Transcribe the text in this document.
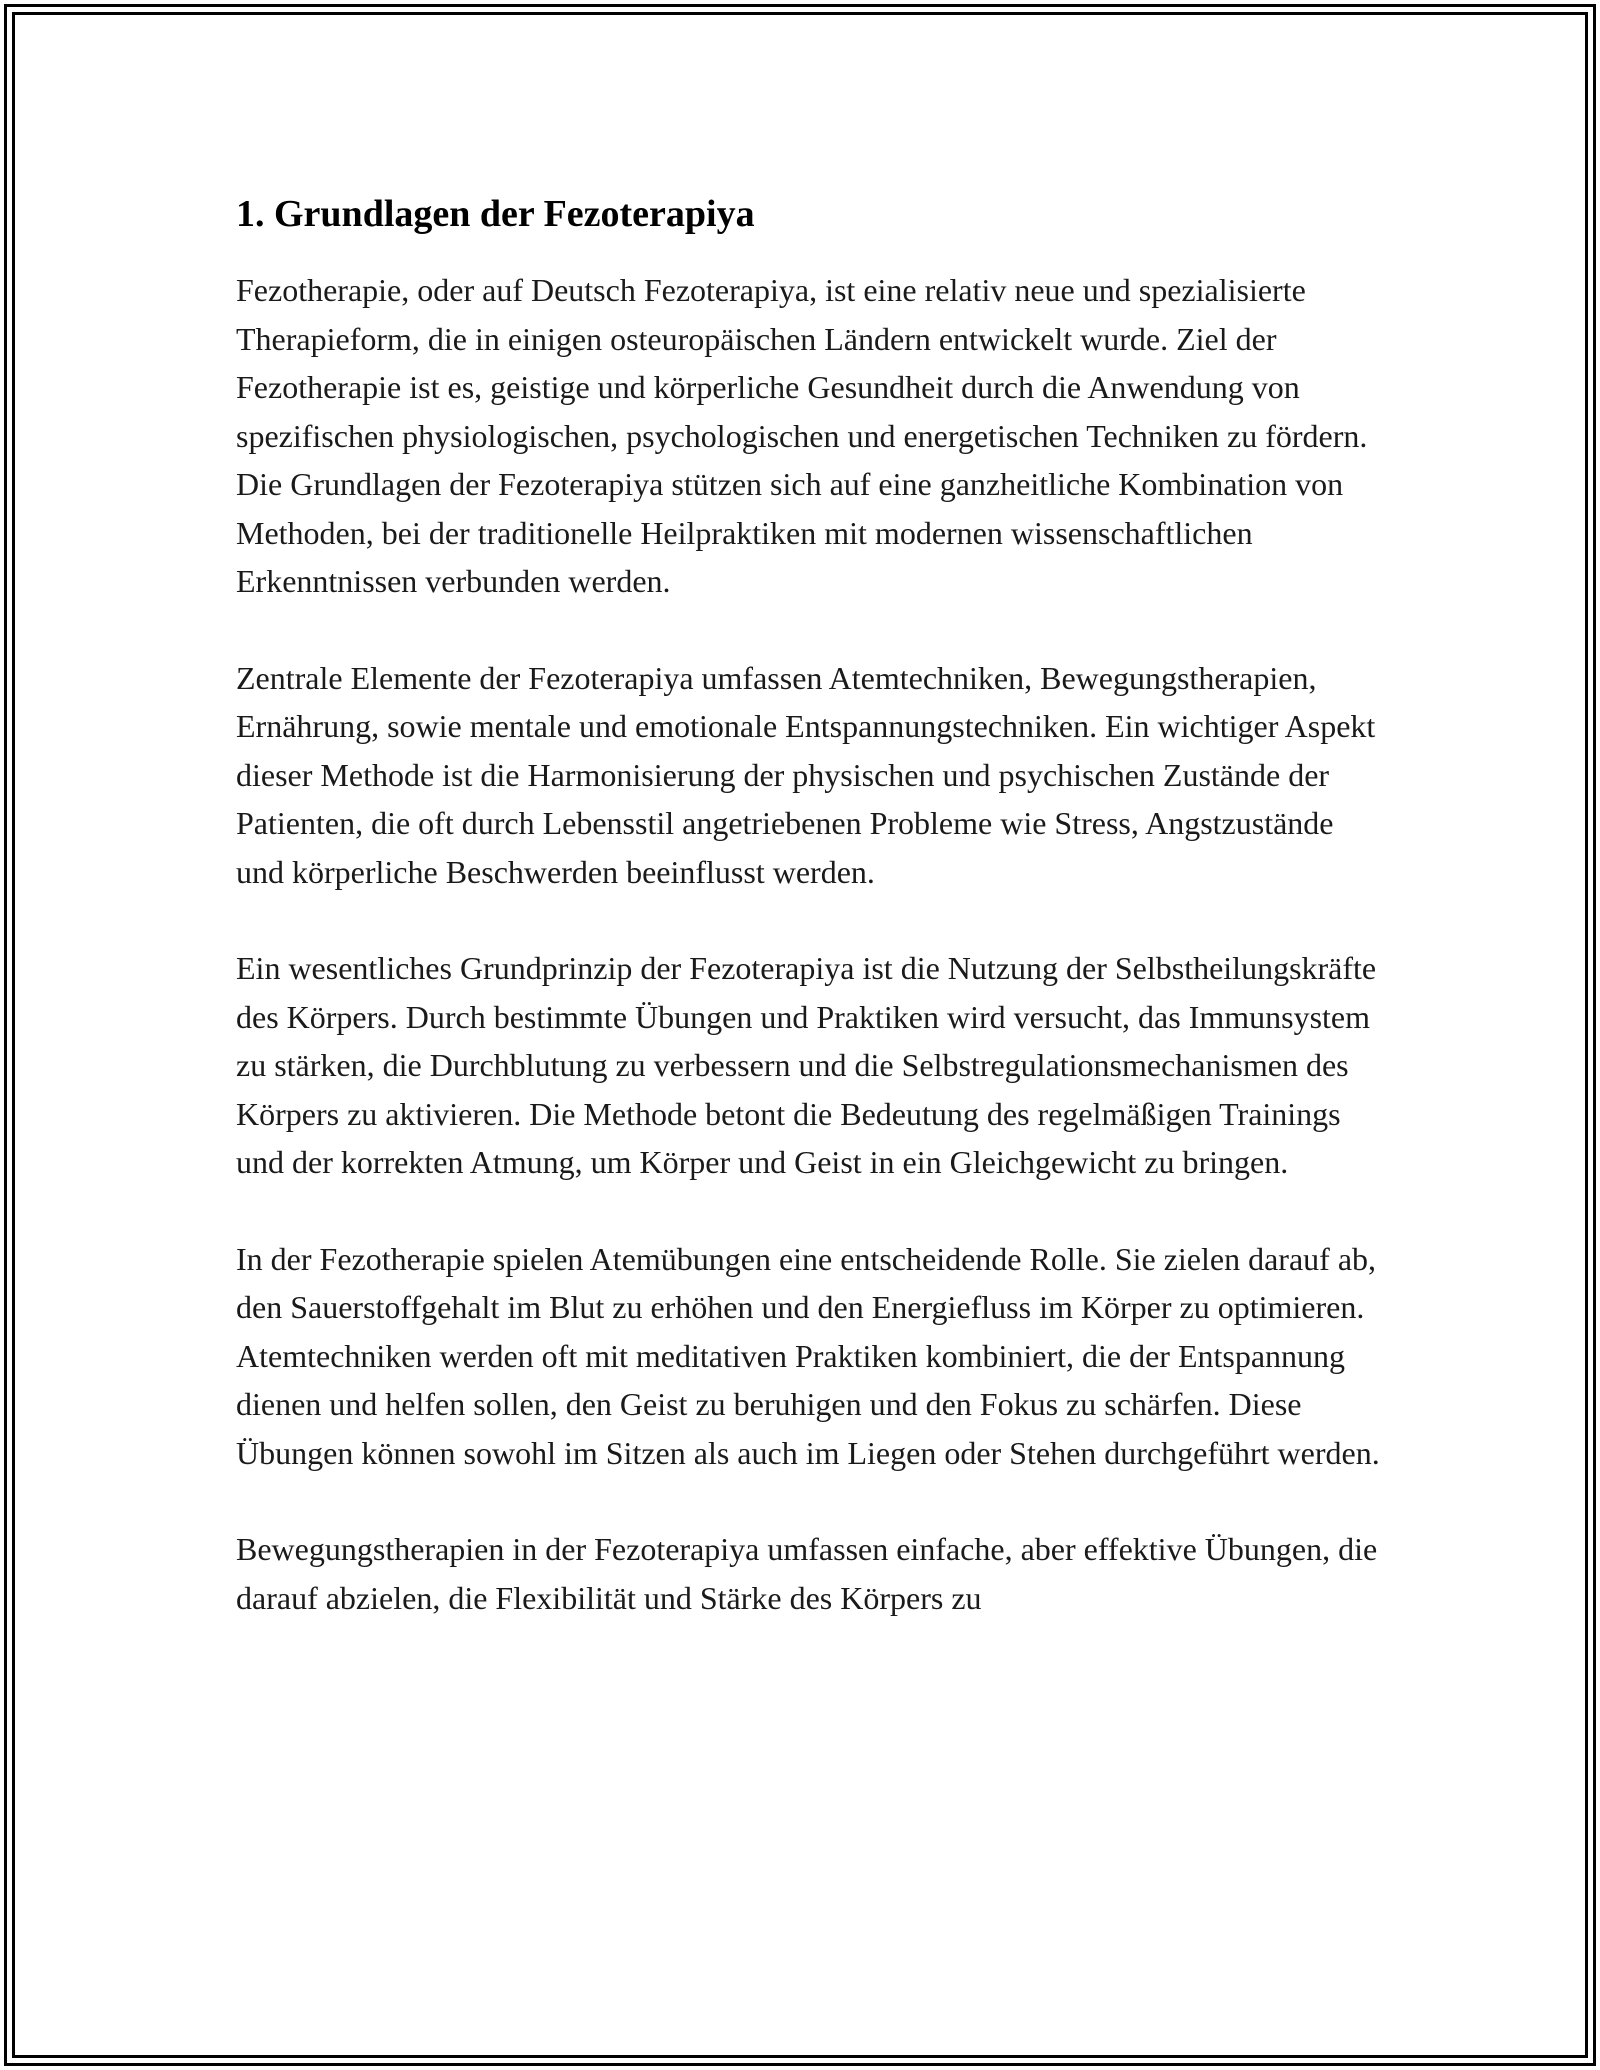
1. Grundlagen der Fezoterapiya

Fezotherapie, oder auf Deutsch Fezoterapiya, ist eine relativ neue und spezialisierte Therapieform, die in einigen osteuropäischen Ländern entwickelt wurde. Ziel der Fezotherapie ist es, geistige und körperliche Gesundheit durch die Anwendung von spezifischen physiologischen, psychologischen und energetischen Techniken zu fördern. Die Grundlagen der Fezoterapiya stützen sich auf eine ganzheitliche Kombination von Methoden, bei der traditionelle Heilpraktiken mit modernen wissenschaftlichen Erkenntnissen verbunden werden.

Zentrale Elemente der Fezoterapiya umfassen Atemtechniken, Bewegungstherapien, Ernährung, sowie mentale und emotionale Entspannungstechniken. Ein wichtiger Aspekt dieser Methode ist die Harmonisierung der physischen und psychischen Zustände der Patienten, die oft durch Lebensstil angetriebenen Probleme wie Stress, Angstzustände und körperliche Beschwerden beeinflusst werden.

Ein wesentliches Grundprinzip der Fezoterapiya ist die Nutzung der Selbstheilungskräfte des Körpers. Durch bestimmte Übungen und Praktiken wird versucht, das Immunsystem zu stärken, die Durchblutung zu verbessern und die Selbstregulationsmechanismen des Körpers zu aktivieren. Die Methode betont die Bedeutung des regelmäßigen Trainings und der korrekten Atmung, um Körper und Geist in ein Gleichgewicht zu bringen.

In der Fezotherapie spielen Atemübungen eine entscheidende Rolle. Sie zielen darauf ab, den Sauerstoffgehalt im Blut zu erhöhen und den Energiefluss im Körper zu optimieren. Atemtechniken werden oft mit meditativen Praktiken kombiniert, die der Entspannung dienen und helfen sollen, den Geist zu beruhigen und den Fokus zu schärfen. Diese Übungen können sowohl im Sitzen als auch im Liegen oder Stehen durchgeführt werden.

Bewegungstherapien in der Fezoterapiya umfassen einfache, aber effektive Übungen, die darauf abzielen, die Flexibilität und Stärke des Körpers zu
